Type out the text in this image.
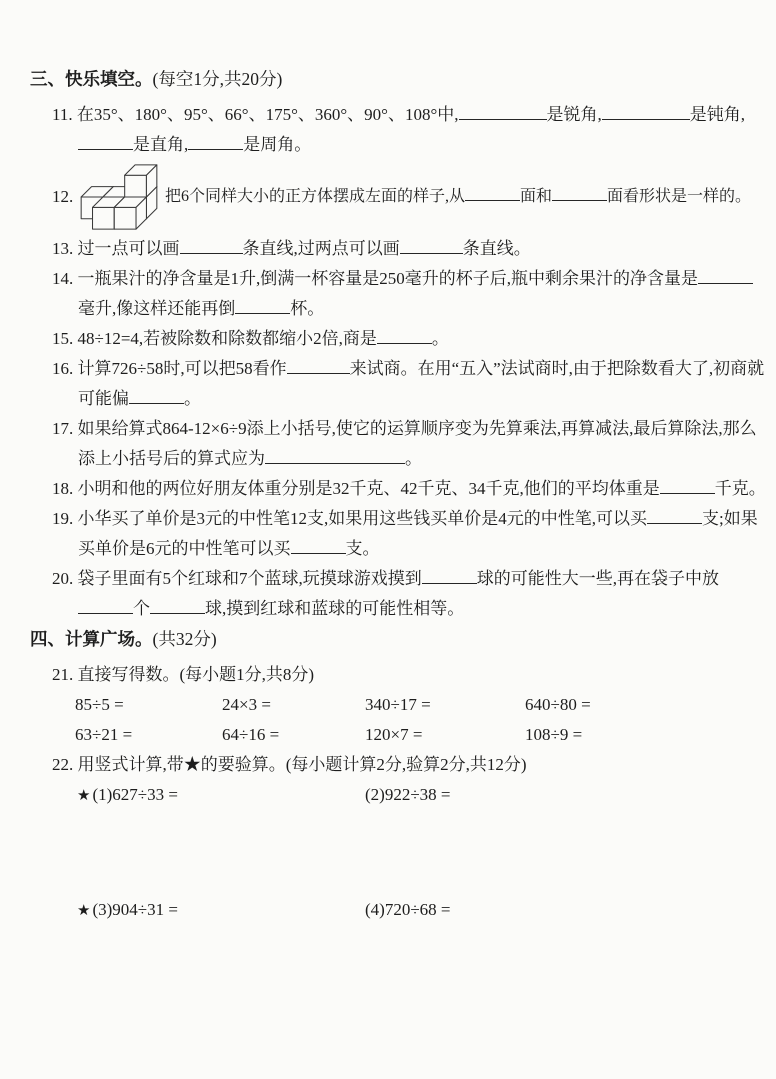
三、快乐填空。(每空1分,共20分)

11. 在35°、180°、95°、66°、175°、360°、90°、108°中,	是锐角,	是钝角,是直角,	是周角。

12.	把6个同样大小的正方体摆成左面的样子,从	面和	面看形状是一样的。

13. 过一点可以画	条直线,过两点可以画	条直线。

14. 一瓶果汁的净含量是1升,倒满一杯容量是250毫升的杯子后,瓶中剩余果汁的净含量是毫升,像这样还能再倒	杯。

15. 48÷12=4,若被除数和除数都缩小2倍,商是	。

16. 计算726÷58时,可以把58看作	来试商。在用“五入”法试商时,由于把除数看大了,初商就可能偏	。

17. 如果给算式864-12×6÷9添上小括号,使它的运算顺序变为先算乘法,再算减法,最后算除法,那么添上小括号后的算式应为	。

18. 小明和他的两位好朋友体重分别是32千克、42千克、34千克,他们的平均体重是	千克。

19. 小华买了单价是3元的中性笔12支,如果用这些钱买单价是4元的中性笔,可以买	支;如果买单价是6元的中性笔可以买	支。

20. 袋子里面有5个红球和7个蓝球,玩摸球游戏摸到	球的可能性大一些,再在袋子中放个	球,摸到红球和蓝球的可能性相等。

四、计算广场。(共32分)

21. 直接写得数。(每小题1分,共8分)

85÷5 =	24×3 =	340÷17 =	640÷80 =
63÷21 =	64÷16 =	120×7 =	108÷9 =

22. 用竖式计算,带★的要验算。(每小题计算2分,验算2分,共12分)

★ (1)627÷33 =	(2)922÷38 =
★ (3)904÷31 =	(4)720÷68 =
